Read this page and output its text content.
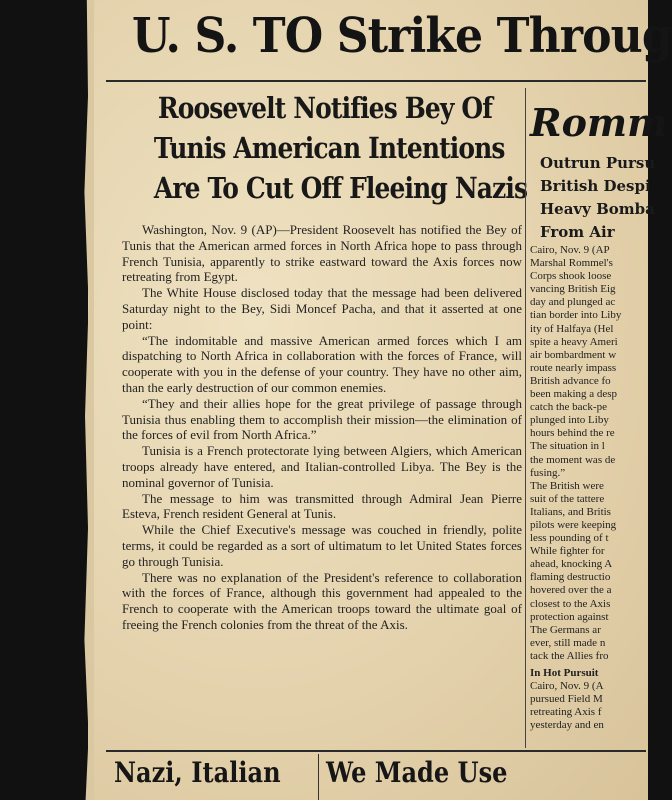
U. S. TO Strike Throug
Roosevelt Notifies Bey Of
Tunis American Intentions
Are To Cut Off Fleeing Nazis

Washington, Nov. 9 (AP)—President Roosevelt has notified the Bey of Tunis that the American armed forces in North Africa hope to pass through French Tunisia, apparently to strike eastward toward the Axis forces now retreating from Egypt.

The White House disclosed today that the message had been delivered Saturday night to the Bey, Sidi Moncef Pacha, and that it asserted at one point:

“The indomitable and massive American armed forces which I am dispatching to North Africa in collaboration with the forces of France, will cooperate with you in the defense of your country. They have no other aim, than the early destruction of our common enemies.

“They and their allies hope for the great privilege of passage through Tunisia thus enabling them to accomplish their mission—the elimination of the forces of evil from North Africa.”

Tunisia is a French protectorate lying between Algiers, which American troops already have entered, and Italian-controlled Libya. The Bey is the nominal governor of Tunisia.

The message to him was transmitted through Admiral Jean Pierre Esteva, French resident General at Tunis.

While the Chief Executive's message was couched in friendly, polite terms, it could be regarded as a sort of ultimatum to let United States forces go through Tunisia.

There was no explanation of the President's reference to collaboration with the forces of France, although this government had appealed to the French to cooperate with the American troops toward the ultimate goal of freeing the French colonies from the threat of the Axis.

Romm
Outrun Pursu
British Despi
Heavy Bomba
From Air
Cairo, Nov. 9 (AP
Marshal Rommel's
Corps shook loose
vancing British Eig
day and plunged ac
tian border into Liby
ity of Halfaya (Hel
spite a heavy Ameri
air bombardment w
route nearly impass
British advance fo
been making a desp
catch the back-pe
plunged into Liby
hours behind the re
The situation in l
the moment was de
fusing.”
The British were
suit of the tattere
Italians, and Britis
pilots were keeping
less pounding of t
While fighter for
ahead, knocking A
flaming destructio
hovered over the a
closest to the Axis
protection against
The Germans ar
ever, still made n
tack the Allies fro
In Hot Pursuit
Cairo, Nov. 9 (A
pursued Field M
retreating Axis f
yesterday and en
Nazi, Italian We Made Use
